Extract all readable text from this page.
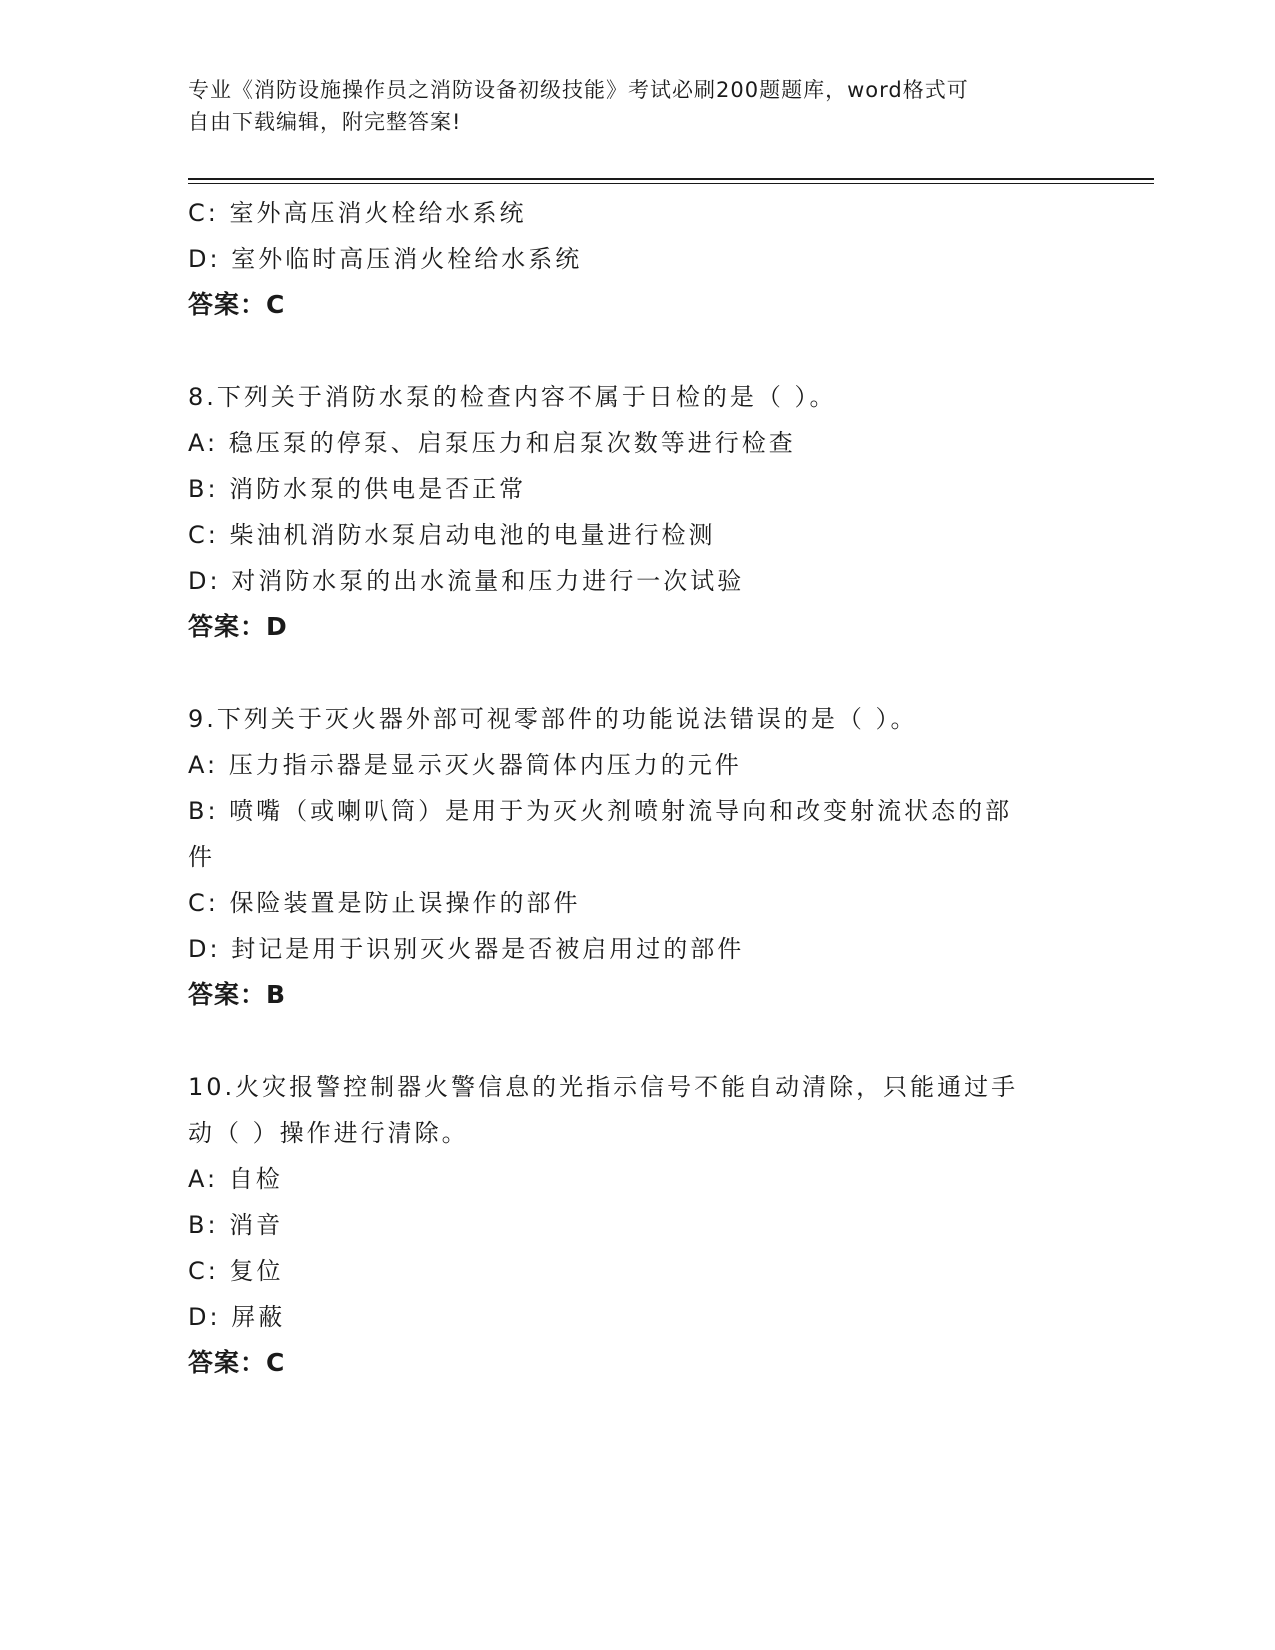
专业《消防设施操作员之消防设备初级技能》考试必刷200题题库，word格式可
自由下载编辑，附完整答案!
C: 室外高压消火栓给水系统
D: 室外临时高压消火栓给水系统
答案：C
8.下列关于消防水泵的检查内容不属于日检的是（ ）。
A: 稳压泵的停泵、启泵压力和启泵次数等进行检查
B: 消防水泵的供电是否正常
C: 柴油机消防水泵启动电池的电量进行检测
D: 对消防水泵的出水流量和压力进行一次试验
答案：D
9.下列关于灭火器外部可视零部件的功能说法错误的是（ ）。
A: 压力指示器是显示灭火器筒体内压力的元件
B: 喷嘴（或喇叭筒）是用于为灭火剂喷射流导向和改变射流状态的部
件
C: 保险装置是防止误操作的部件
D: 封记是用于识别灭火器是否被启用过的部件
答案：B
10.火灾报警控制器火警信息的光指示信号不能自动清除，只能通过手
动（ ）操作进行清除。
A: 自检
B: 消音
C: 复位
D: 屏蔽
答案：C
